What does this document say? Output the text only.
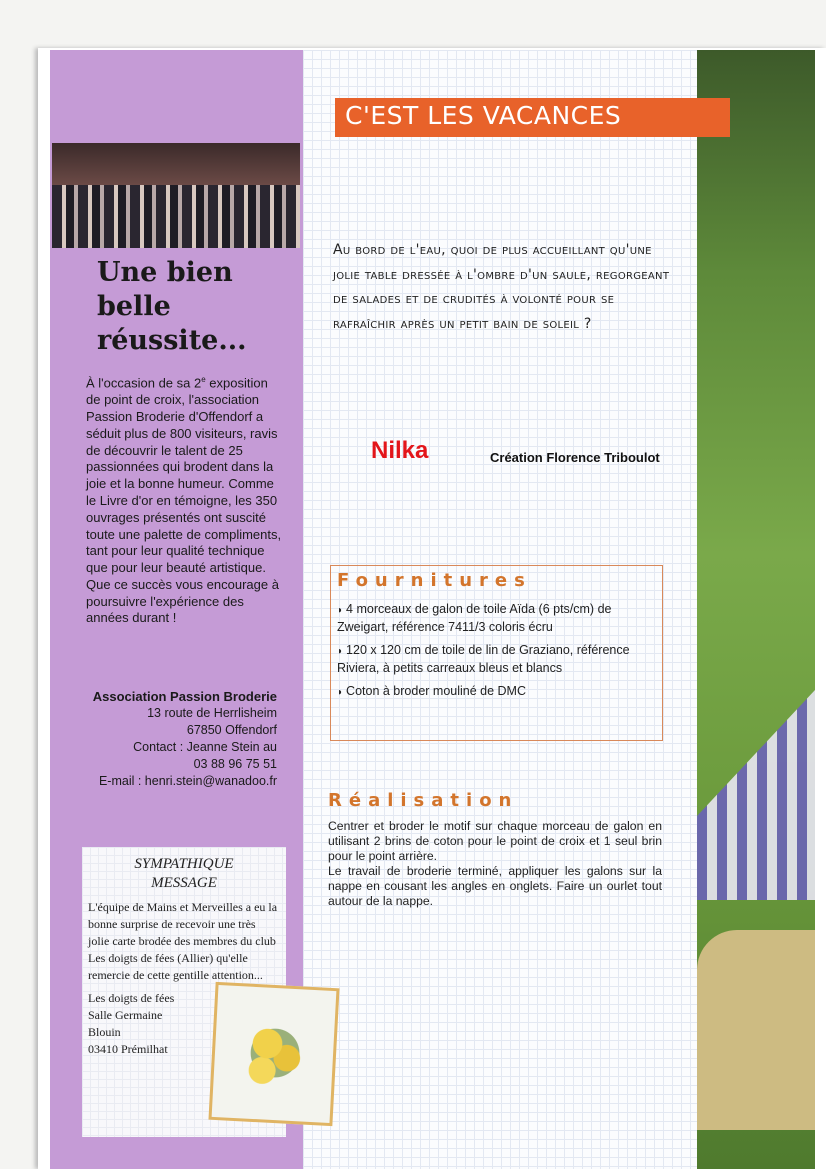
C'EST LES VACANCES
Au bord de l'eau, quoi de plus accueillant qu'une jolie table dressée à l'ombre d'un saule, regorgeant de salades et de crudités à volonté pour se rafraîchir après un petit bain de soleil ?
Nilka	Création Florence Triboulot
Fournitures
◗ 4 morceaux de galon de toile Aïda (6 pts/cm) de Zweigart, référence 7411/3 coloris écru
◗ 120 x 120 cm de toile de lin de Graziano, référence Riviera, à petits carreaux bleus et blancs
◗ Coton à broder mouliné de DMC
Réalisation

Centrer et broder le motif sur chaque morceau de galon en utilisant 2 brins de coton pour le point de croix et 1 seul brin pour le point arrière.
Le travail de broderie terminé, appliquer les galons sur la nappe en cousant les angles en onglets. Faire un ourlet tout autour de la nappe.

Une bien belle réussite...
À l'occasion de sa 2e exposition de point de croix, l'association Passion Broderie d'Offendorf a séduit plus de 800 visiteurs, ravis de découvrir le talent de 25 passionnées qui brodent dans la joie et la bonne humeur. Comme le Livre d'or en témoigne, les 350 ouvrages présentés ont suscité toute une palette de compliments, tant pour leur qualité technique que pour leur beauté artistique. Que ce succès vous encourage à poursuivre l'expérience des années durant !
Association Passion Broderie
13 route de Herrlisheim
67850 Offendorf
Contact : Jeanne Stein au
03 88 96 75 51
E-mail : henri.stein@wanadoo.fr
SYMPATHIQUE
MESSAGE

L'équipe de Mains et Merveilles a eu la bonne surprise de recevoir une très jolie carte brodée des membres du club Les doigts de fées (Allier) qu'elle remercie de cette gentille attention...

Les doigts de fées
Salle Germaine
Blouin
03410 Prémilhat
